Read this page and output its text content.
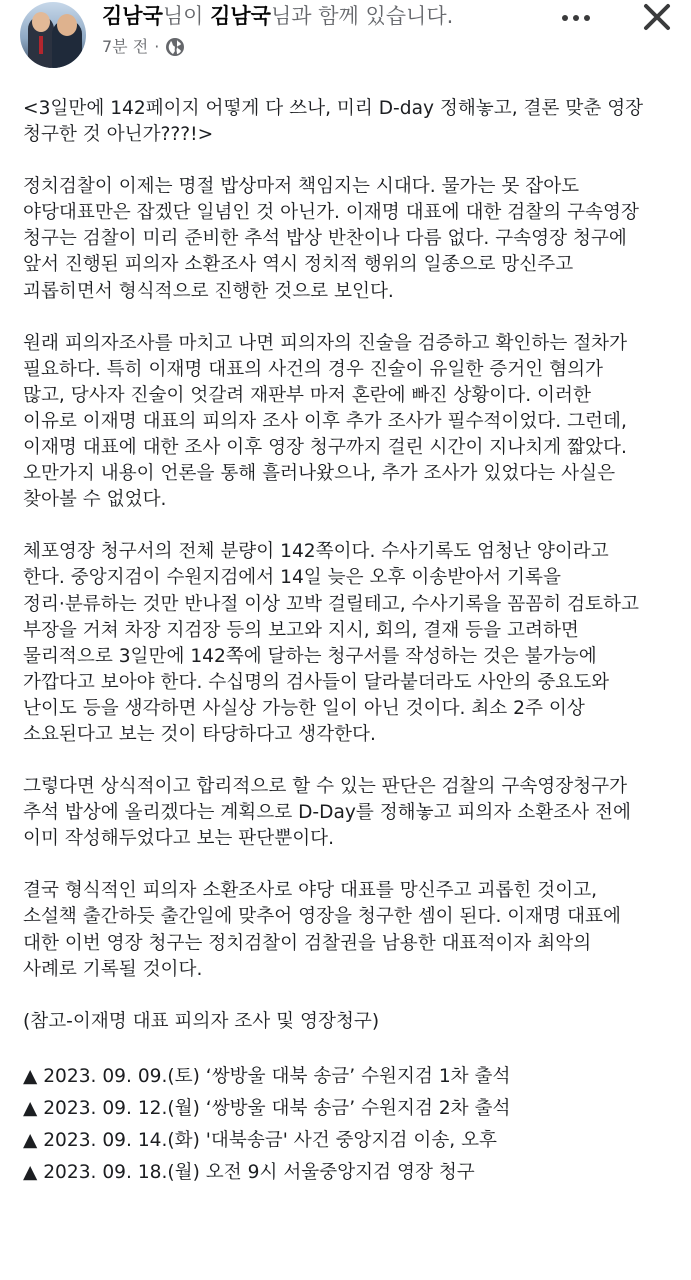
김남국님이 김남국님과 함께 있습니다.
7분 전 ·

<3일만에 142페이지 어떻게 다 쓰나, 미리 D-day 정해놓고, 결론 맞춘 영장
청구한 것 아닌가???!>

정치검찰이 이제는 명절 밥상마저 책임지는 시대다. 물가는 못 잡아도
야당대표만은 잡겠단 일념인 것 아닌가. 이재명 대표에 대한 검찰의 구속영장
청구는 검찰이 미리 준비한 추석 밥상 반찬이나 다름 없다. 구속영장 청구에
앞서 진행된 피의자 소환조사 역시 정치적 행위의 일종으로 망신주고
괴롭히면서 형식적으로 진행한 것으로 보인다.

원래 피의자조사를 마치고 나면 피의자의 진술을 검증하고 확인하는 절차가
필요하다. 특히 이재명 대표의 사건의 경우 진술이 유일한 증거인 혐의가
많고, 당사자 진술이 엇갈려 재판부 마저 혼란에 빠진 상황이다. 이러한
이유로 이재명 대표의 피의자 조사 이후 추가 조사가 필수적이었다. 그런데,
이재명 대표에 대한 조사 이후 영장 청구까지 걸린 시간이 지나치게 짧았다.
오만가지 내용이 언론을 통해 흘러나왔으나, 추가 조사가 있었다는 사실은
찾아볼 수 없었다.

체포영장 청구서의 전체 분량이 142쪽이다. 수사기록도 엄청난 양이라고
한다. 중앙지검이 수원지검에서 14일 늦은 오후 이송받아서 기록을
정리·분류하는 것만 반나절 이상 꼬박 걸릴테고, 수사기록을 꼼꼼히 검토하고
부장을 거쳐 차장 지검장 등의 보고와 지시, 회의, 결재 등을 고려하면
물리적으로 3일만에 142쪽에 달하는 청구서를 작성하는 것은 불가능에
가깝다고 보아야 한다. 수십명의 검사들이 달라붙더라도 사안의 중요도와
난이도 등을 생각하면 사실상 가능한 일이 아닌 것이다. 최소 2주 이상
소요된다고 보는 것이 타당하다고 생각한다.

그렇다면 상식적이고 합리적으로 할 수 있는 판단은 검찰의 구속영장청구가
추석 밥상에 올리겠다는 계획으로 D-Day를 정해놓고 피의자 소환조사 전에
이미 작성해두었다고 보는 판단뿐이다.

결국 형식적인 피의자 소환조사로 야당 대표를 망신주고 괴롭힌 것이고,
소설책 출간하듯 출간일에 맞추어 영장을 청구한 셈이 된다. 이재명 대표에
대한 이번 영장 청구는 정치검찰이 검찰권을 남용한 대표적이자 최악의
사례로 기록될 것이다.

(참고-이재명 대표 피의자 조사 및 영장청구)

▲ 2023. 09. 09.(토) ‘쌍방울 대북 송금’ 수원지검 1차 출석
▲ 2023. 09. 12.(월) ‘쌍방울 대북 송금’ 수원지검 2차 출석
▲ 2023. 09. 14.(화) '대북송금' 사건 중앙지검 이송, 오후
▲ 2023. 09. 18.(월) 오전 9시 서울중앙지검 영장 청구
